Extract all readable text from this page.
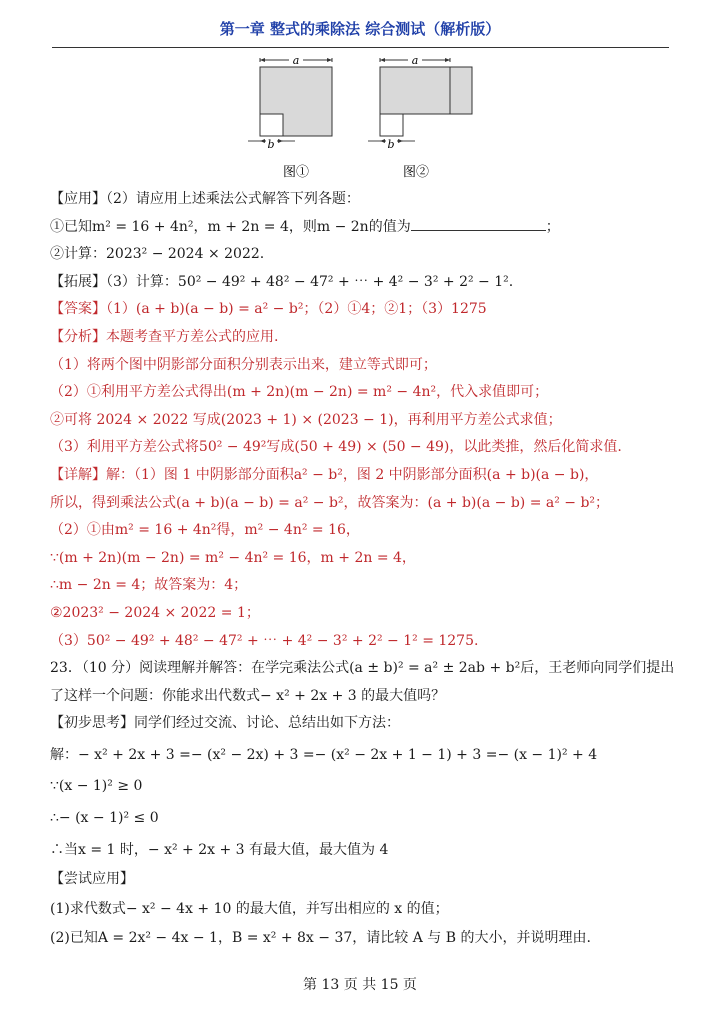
第一章 整式的乘除法 综合测试（解析版）
a
b
图①
a
b
图②
【应用】（2）请应用上述乘法公式解答下列各题：
①已知m² = 16 + 4n²，m + 2n = 4，则m − 2n的值为	；
②计算：2023² − 2024 × 2022.
【拓展】（3）计算：50² − 49² + 48² − 47² + ⋯ + 4² − 3² + 2² − 1².
【答案】（1）(a + b)(a − b) = a² − b²；（2）①4；②1；（3）1275
【分析】本题考查平方差公式的应用.
（1）将两个图中阴影部分面积分别表示出来，建立等式即可；
（2）①利用平方差公式得出(m + 2n)(m − 2n) = m² − 4n²，代入求值即可；
②可将 2024 × 2022 写成(2023 + 1) × (2023 − 1)，再利用平方差公式求值；
（3）利用平方差公式将50² − 49²写成(50 + 49) × (50 − 49)，以此类推，然后化简求值.
【详解】解：（1）图 1 中阴影部分面积a² − b²，图 2 中阴影部分面积(a + b)(a − b)，
所以，得到乘法公式(a + b)(a − b) = a² − b²，故答案为：(a + b)(a − b) = a² − b²；
（2）①由m² = 16 + 4n²得，m² − 4n² = 16，
∵(m + 2n)(m − 2n) = m² − 4n² = 16，m + 2n = 4，
∴m − 2n = 4；故答案为：4；
②2023² − 2024 × 2022 = 1；
（3）50² − 49² + 48² − 47² + ⋯ + 4² − 3² + 2² − 1² = 1275.
23．（10 分）阅读理解并解答：在学完乘法公式(a ± b)² = a² ± 2ab + b²后，王老师向同学们提出
了这样一个问题：你能求出代数式− x² + 2x + 3 的最大值吗？
【初步思考】同学们经过交流、讨论、总结出如下方法：
解：− x² + 2x + 3 =− (x² − 2x) + 3 =− (x² − 2x + 1 − 1) + 3 =− (x − 1)² + 4
∵(x − 1)² ≥ 0
∴− (x − 1)² ≤ 0
∴当x = 1 时，− x² + 2x + 3 有最大值，最大值为 4
【尝试应用】
(1)求代数式− x² − 4x + 10 的最大值，并写出相应的 x 的值；
(2)已知A = 2x² − 4x − 1，B = x² + 8x − 37，请比较 A 与 B 的大小，并说明理由.
第 13 页 共 15 页
